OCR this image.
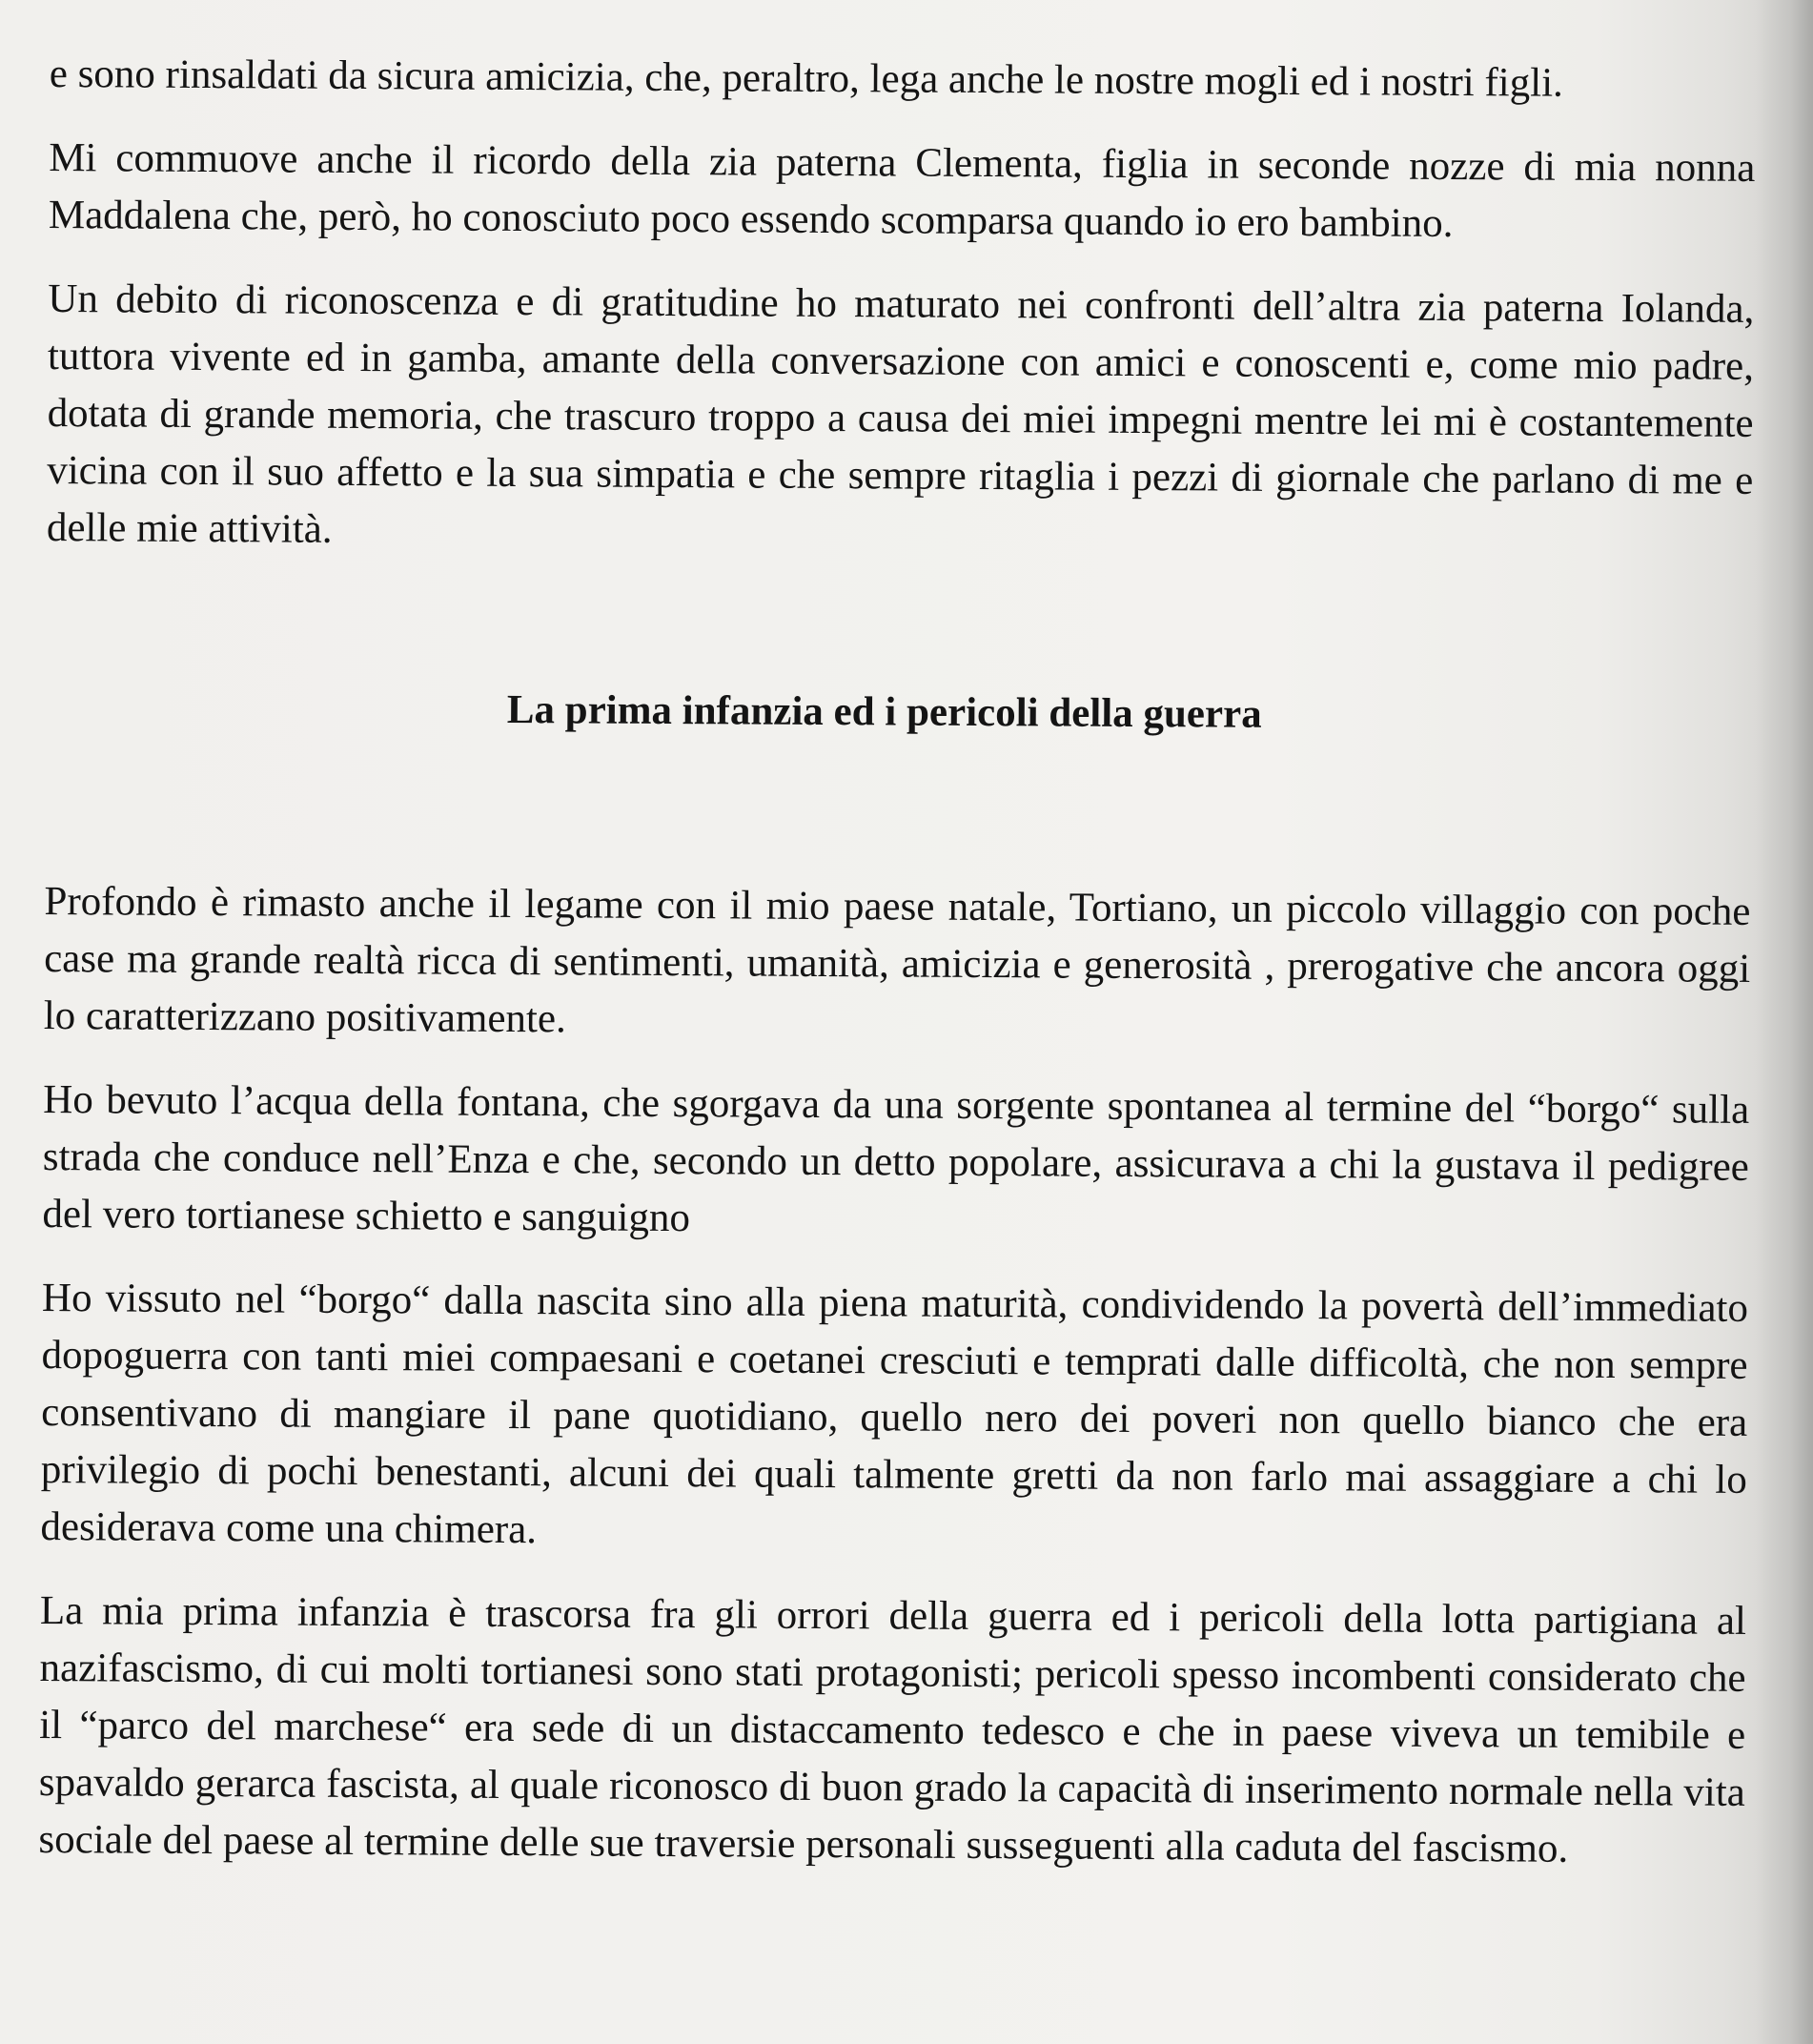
e sono rinsaldati da sicura amicizia, che, peraltro, lega anche le nostre mogli ed i nostri figli.

Mi commuove anche il ricordo della zia paterna Clementa, figlia in seconde nozze di mia nonna Maddalena che, però, ho conosciuto poco essendo scomparsa quando io ero bambino.

Un debito di riconoscenza e di gratitudine ho maturato nei confronti dell’altra zia paterna Iolanda, tuttora vivente ed in gamba, amante della conversazione con amici e conoscenti e, come mio padre, dotata di grande memoria, che trascuro troppo a causa dei miei impegni mentre lei mi è costantemente vicina con il suo affetto e la sua simpatia e che sempre ritaglia i pezzi di giornale che parlano di me e delle mie attività.

La prima infanzia ed i pericoli della guerra

Profondo è rimasto anche il legame con il mio paese natale, Tortiano, un piccolo villaggio con poche case ma grande realtà ricca di sentimenti, umanità, amicizia e generosità , prerogative che ancora oggi lo caratterizzano positivamente.

Ho bevuto l’acqua della fontana, che sgorgava da una sorgente spontanea al termine del “borgo“ sulla strada che conduce nell’Enza e che, secondo un detto popolare, assicurava a chi la gustava il pedigree del vero tortianese schietto e sanguigno

Ho vissuto nel “borgo“ dalla nascita sino alla piena maturità, condividendo la povertà dell’immediato dopoguerra con tanti miei compaesani e coetanei cresciuti e temprati dalle difficoltà, che non sempre consentivano di mangiare il pane quotidiano, quello nero dei poveri non quello bianco che era privilegio di pochi benestanti, alcuni dei quali talmente gretti da non farlo mai assaggiare a chi lo desiderava come una chimera.

La mia prima infanzia è trascorsa fra gli orrori della guerra ed i pericoli della lotta partigiana al nazifascismo, di cui molti tortianesi sono stati protagonisti; pericoli spesso incombenti considerato che il “parco del marchese“ era sede di un distaccamento tedesco e che in paese viveva un temibile e spavaldo gerarca fascista, al quale riconosco di buon grado la capacità di inserimento normale nella vita sociale del paese al termine delle sue traversie personali susseguenti alla caduta del fascismo.
